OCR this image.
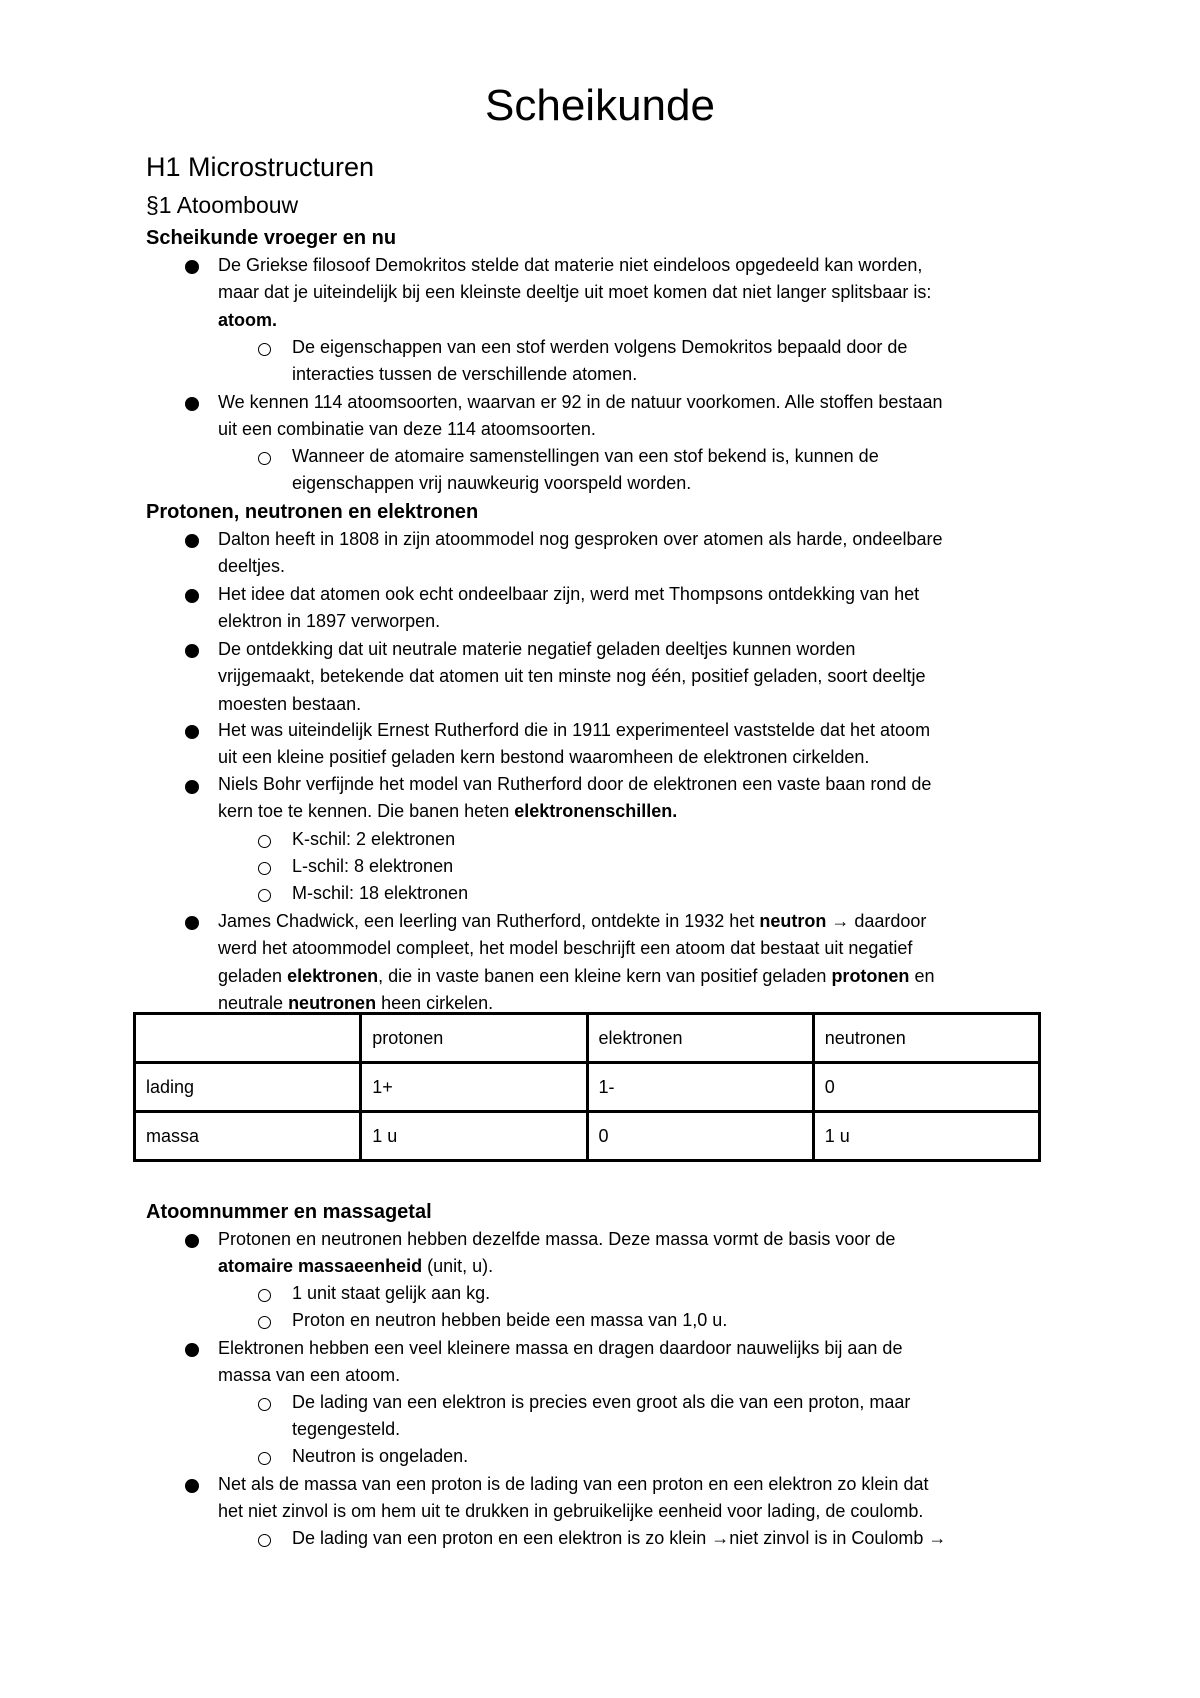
Scheikunde
H1 Microstructuren
§1 Atoombouw
Scheikunde vroeger en nu
De Griekse filosoof Demokritos stelde dat materie niet eindeloos opgedeeld kan worden,
maar dat je uiteindelijk bij een kleinste deeltje uit moet komen dat niet langer splitsbaar is:
atoom.
De eigenschappen van een stof werden volgens Demokritos bepaald door de
interacties tussen de verschillende atomen.
We kennen 114 atoomsoorten, waarvan er 92 in de natuur voorkomen. Alle stoffen bestaan
uit een combinatie van deze 114 atoomsoorten.
Wanneer de atomaire samenstellingen van een stof bekend is, kunnen de
eigenschappen vrij nauwkeurig voorspeld worden.
Protonen, neutronen en elektronen
Dalton heeft in 1808 in zijn atoommodel nog gesproken over atomen als harde, ondeelbare
deeltjes.
Het idee dat atomen ook echt ondeelbaar zijn, werd met Thompsons ontdekking van het
elektron in 1897 verworpen.
De ontdekking dat uit neutrale materie negatief geladen deeltjes kunnen worden
vrijgemaakt, betekende dat atomen uit ten minste nog één, positief geladen, soort deeltje
moesten bestaan.
Het was uiteindelijk Ernest Rutherford die in 1911 experimenteel vaststelde dat het atoom
uit een kleine positief geladen kern bestond waaromheen de elektronen cirkelden.
Niels Bohr verfijnde het model van Rutherford door de elektronen een vaste baan rond de
kern toe te kennen. Die banen heten elektronenschillen.
K-schil: 2 elektronen
L-schil: 8 elektronen
M-schil: 18 elektronen
James Chadwick, een leerling van Rutherford, ontdekte in 1932 het neutron → daardoor
werd het atoommodel compleet, het model beschrijft een atoom dat bestaat uit negatief
geladen elektronen, die in vaste banen een kleine kern van positief geladen protonen en
neutrale neutronen heen cirkelen.
	protonen	elektronen	neutronen
lading	1+	1-	0
massa	1 u	0	1 u
Atoomnummer en massagetal
Protonen en neutronen hebben dezelfde massa. Deze massa vormt de basis voor de
atomaire massaeenheid (unit, u).
1 unit staat gelijk aan kg.
Proton en neutron hebben beide een massa van 1,0 u.
Elektronen hebben een veel kleinere massa en dragen daardoor nauwelijks bij aan de
massa van een atoom.
De lading van een elektron is precies even groot als die van een proton, maar
tegengesteld.
Neutron is ongeladen.
Net als de massa van een proton is de lading van een proton en een elektron zo klein dat
het niet zinvol is om hem uit te drukken in gebruikelijke eenheid voor lading, de coulomb.
De lading van een proton en een elektron is zo klein →niet zinvol is in Coulomb →
